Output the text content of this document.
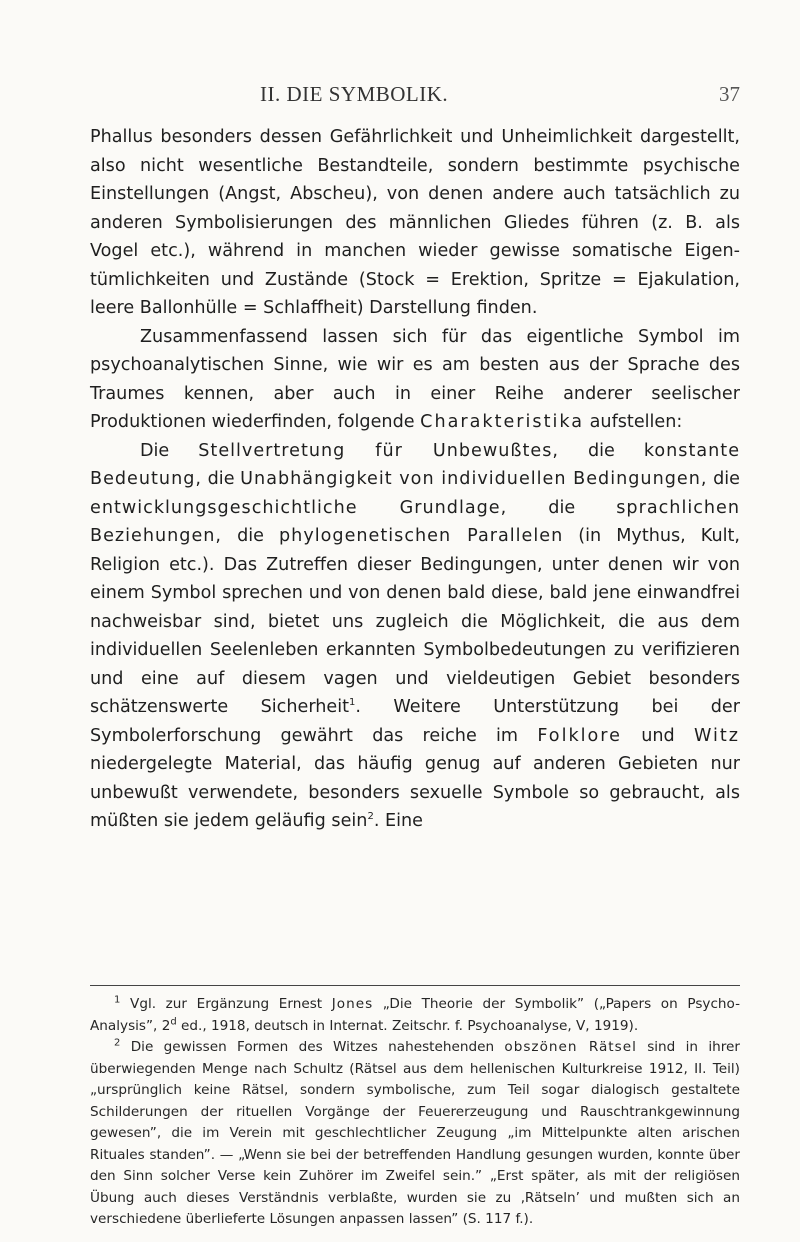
II. DIE SYMBOLIK.	37

Phallus besonders dessen Gefährlichkeit und Unheimlichkeit dargestellt, also nicht wesentliche Bestandteile, sondern bestimmte psychische Einstellungen (Angst, Abscheu), von denen andere auch tatsächlich zu anderen Symbolisierungen des männlichen Gliedes führen (z. B. als Vogel etc.), während in manchen wieder gewisse somatische Eigentümlichkeiten und Zustände (Stock = Erektion, Spritze = Ejakulation, leere Ballonhülle = Schlaffheit) Darstellung finden.

Zusammenfassend lassen sich für das eigentliche Symbol im psychoanalytischen Sinne, wie wir es am besten aus der Sprache des Traumes kennen, aber auch in einer Reihe anderer seelischer Produktionen wiederfinden, folgende Charakteristika aufstellen:

Die Stellvertretung für Unbewußtes, die konstante Bedeutung, die Unabhängigkeit von individuellen Bedingungen, die entwicklungsgeschichtliche Grundlage, die sprachlichen Beziehungen, die phylogenetischen Parallelen (in Mythus, Kult, Religion etc.). Das Zutreffen dieser Bedingungen, unter denen wir von einem Symbol sprechen und von denen bald diese, bald jene einwandfrei nachweisbar sind, bietet uns zugleich die Möglichkeit, die aus dem individuellen Seelenleben erkannten Symbolbedeutungen zu verifizieren und eine auf diesem vagen und vieldeutigen Gebiet besonders schätzenswerte Sicherheit$^1$. Weitere Unterstützung bei der Symbolerforschung gewährt das reiche im Folklore und Witz niedergelegte Material, das häufig genug auf anderen Gebieten nur unbewußt verwendete, besonders sexuelle Symbole so gebraucht, als müßten sie jedem geläufig sein$^2$. Eine

$^1$ Vgl. zur Ergänzung Ernest Jones „Die Theorie der Symbolik” („Papers on Psycho-Analysis”, 2$^d$ ed., 1918, deutsch in Internat. Zeitschr. f. Psychoanalyse, V, 1919).

$^2$ Die gewissen Formen des Witzes nahestehenden obszönen Rätsel sind in ihrer überwiegenden Menge nach Schultz (Rätsel aus dem hellenischen Kulturkreise 1912, II. Teil) „ursprünglich keine Rätsel, sondern symbolische, zum Teil sogar dialogisch gestaltete Schilderungen der rituellen Vorgänge der Feuererzeugung und Rauschtrankgewinnung gewesen”, die im Verein mit geschlechtlicher Zeugung „im Mittelpunkte alten arischen Rituales standen”. — „Wenn sie bei der betreffenden Handlung gesungen wurden, konnte über den Sinn solcher Verse kein Zuhörer im Zweifel sein.” „Erst später, als mit der religiösen Übung auch dieses Verständnis verblaßte, wurden sie zu ‚Rätseln’ und mußten sich an verschiedene überlieferte Lösungen anpassen lassen” (S. 117 f.).
